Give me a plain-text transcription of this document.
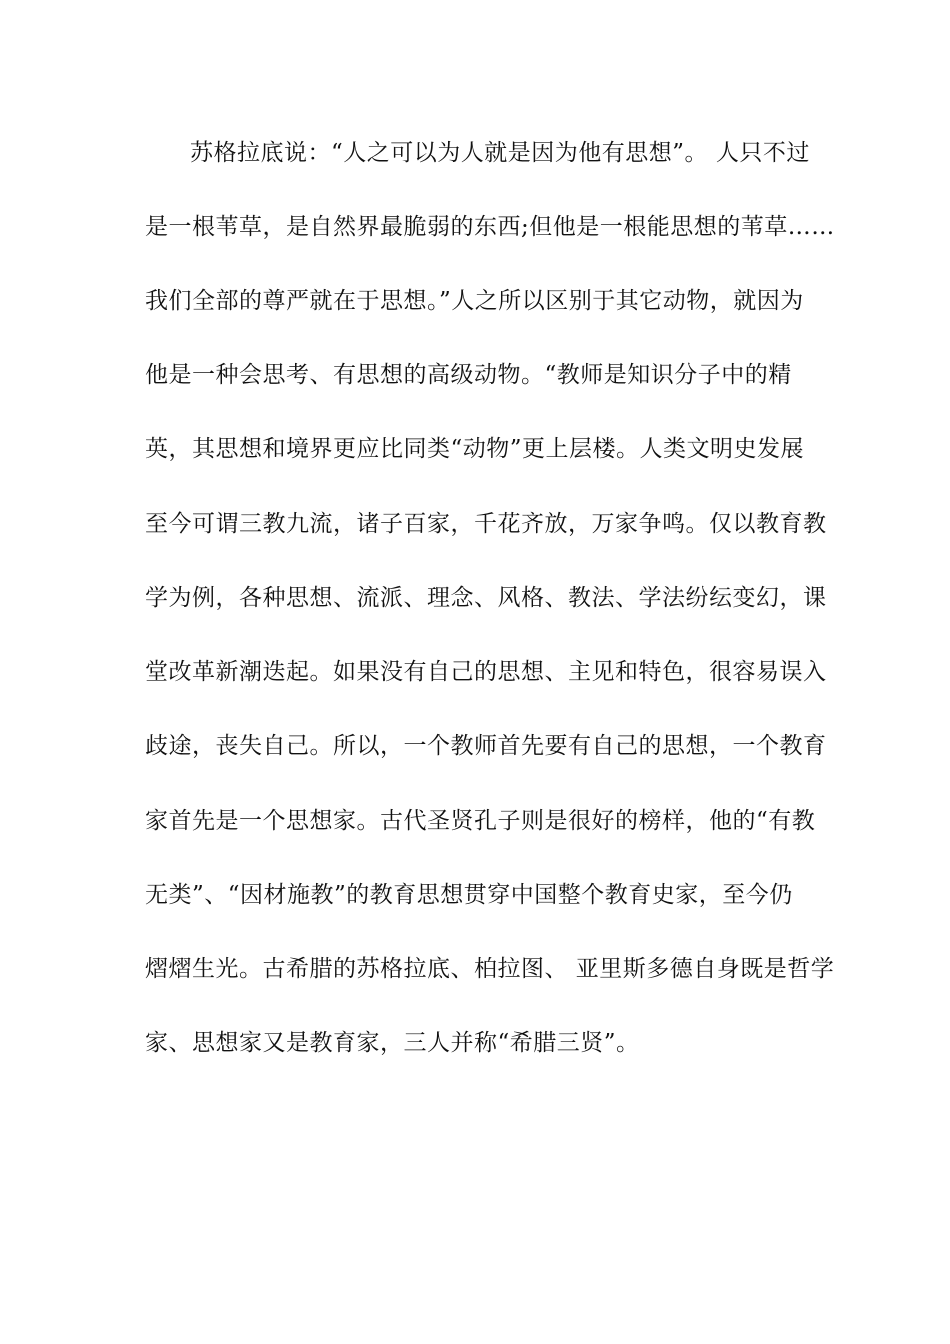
苏格拉底说：“人之可以为人就是因为他有思想”。 人只不过
是一根苇草，是自然界最脆弱的东西;但他是一根能思想的苇草……
我们全部的尊严就在于思想。”人之所以区别于其它动物，就因为
他是一种会思考、有思想的高级动物。“教师是知识分子中的精
英，其思想和境界更应比同类“动物”更上层楼。人类文明史发展
至今可谓三教九流，诸子百家，千花齐放，万家争鸣。仅以教育教
学为例，各种思想、流派、理念、风格、教法、学法纷纭变幻，课
堂改革新潮迭起。如果没有自己的思想、主见和特色，很容易误入
歧途，丧失自己。所以，一个教师首先要有自己的思想，一个教育
家首先是一个思想家。古代圣贤孔子则是很好的榜样，他的“有教
无类”、“因材施教”的教育思想贯穿中国整个教育史家，至今仍
熠熠生光。古希腊的苏格拉底、柏拉图、 亚里斯多德自身既是哲学
家、思想家又是教育家，三人并称“希腊三贤”。
